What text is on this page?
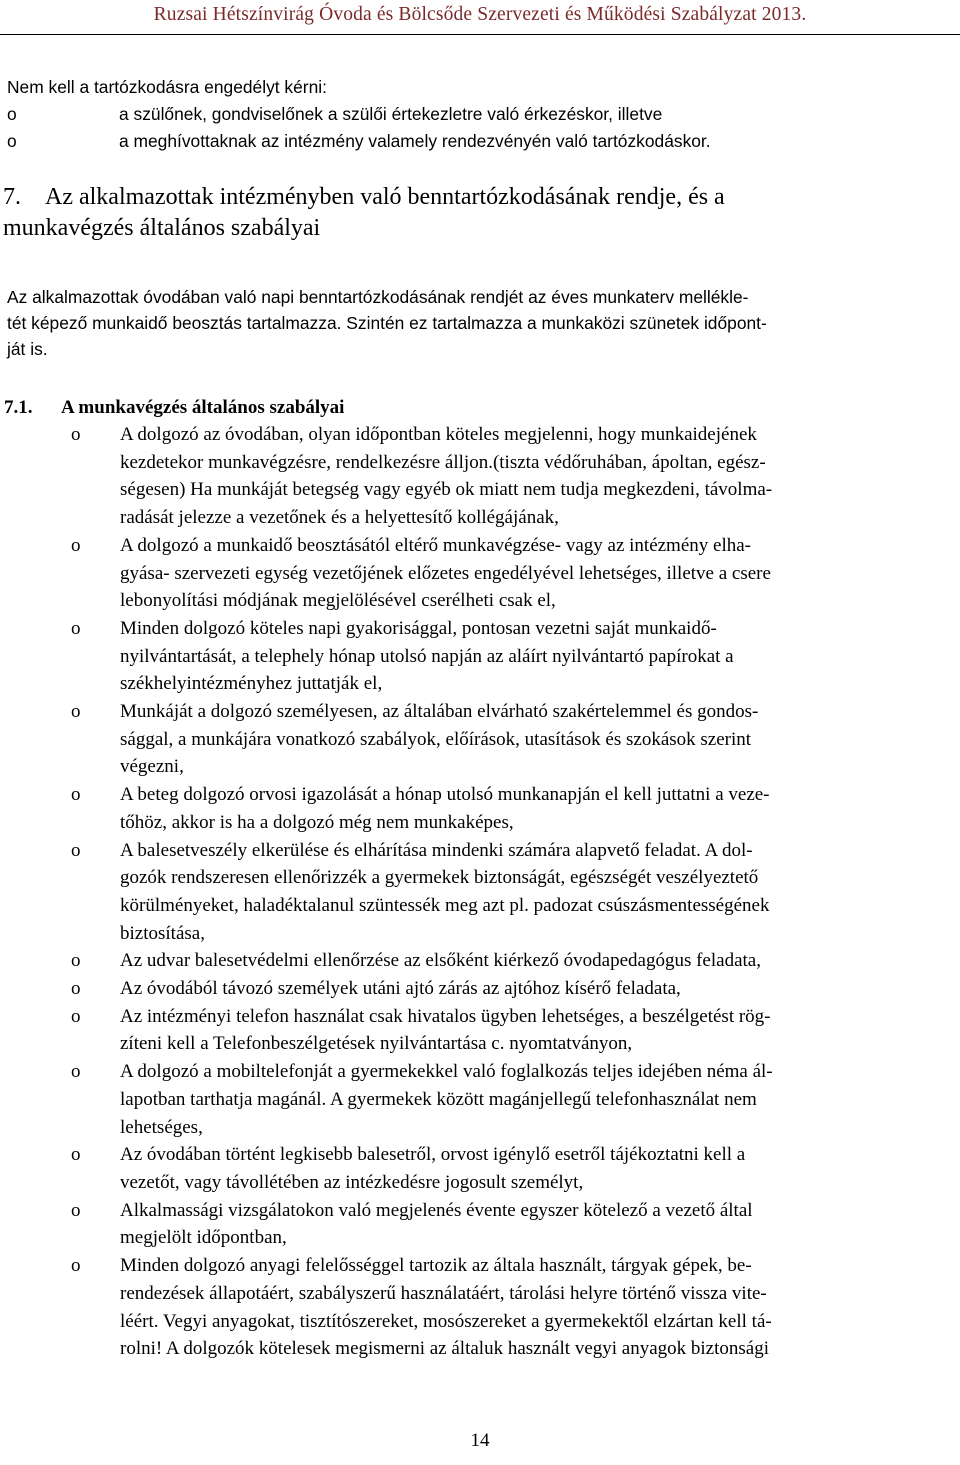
Ruzsai Hétszínvirág Óvoda és Bölcsőde Szervezeti és Működési Szabályzat 2013.
Nem kell a tartózkodásra engedélyt kérni:
o	a szülőnek, gondviselőnek a szülői értekezletre való érkezéskor, illetve
o	a meghívottaknak az intézmény valamely rendezvényén való tartózkodáskor.
7. Az alkalmazottak intézményben való benntartózkodásának rendje, és a
munkavégzés általános szabályai
Az alkalmazottak óvodában való napi benntartózkodásának rendjét az éves munkaterv mellékle-
tét képező munkaidő beosztás tartalmazza. Szintén ez tartalmazza a munkaközi szünetek időpont-
ját is.
7.1. A munkavégzés általános szabályai
o A dolgozó az óvodában, olyan időpontban köteles megjelenni, hogy munkaidejének
kezdetekor munkavégzésre, rendelkezésre álljon.(tiszta védőruhában, ápoltan, egész-
ségesen) Ha munkáját betegség vagy egyéb ok miatt nem tudja megkezdeni, távolma-
radását jelezze a vezetőnek és a helyettesítő kollégájának,
o A dolgozó a munkaidő beosztásától eltérő munkavégzése- vagy az intézmény elha-
gyása- szervezeti egység vezetőjének előzetes engedélyével lehetséges, illetve a csere
lebonyolítási módjának megjelölésével cserélheti csak el,
o Minden dolgozó köteles napi gyakorisággal, pontosan vezetni saját munkaidő-
nyilvántartását, a telephely hónap utolsó napján az aláírt nyilvántartó papírokat a
székhelyintézményhez juttatják el,
o Munkáját a dolgozó személyesen, az általában elvárható szakértelemmel és gondos-
sággal, a munkájára vonatkozó szabályok, előírások, utasítások és szokások szerint
végezni,
o A beteg dolgozó orvosi igazolását a hónap utolsó munkanapján el kell juttatni a veze-
tőhöz, akkor is ha a dolgozó még nem munkaképes,
o A balesetveszély elkerülése és elhárítása mindenki számára alapvető feladat. A dol-
gozók rendszeresen ellenőrizzék a gyermekek biztonságát, egészségét veszélyeztető
körülményeket, haladéktalanul szüntessék meg azt pl. padozat csúszásmentességének
biztosítása,
o Az udvar balesetvédelmi ellenőrzése az elsőként kiérkező óvodapedagógus feladata,
o Az óvodából távozó személyek utáni ajtó zárás az ajtóhoz kísérő feladata,
o Az intézményi telefon használat csak hivatalos ügyben lehetséges, a beszélgetést rög-
zíteni kell a Telefonbeszélgetések nyilvántartása c. nyomtatványon,
o A dolgozó a mobiltelefonját a gyermekekkel való foglalkozás teljes idejében néma ál-
lapotban tarthatja magánál. A gyermekek között magánjellegű telefonhasználat nem
lehetséges,
o Az óvodában történt legkisebb balesetről, orvost igénylő esetről tájékoztatni kell a
vezetőt, vagy távollétében az intézkedésre jogosult személyt,
o Alkalmassági vizsgálatokon való megjelenés évente egyszer kötelező a vezető által
megjelölt időpontban,
o Minden dolgozó anyagi felelősséggel tartozik az általa használt, tárgyak gépek, be-
rendezések állapotáért, szabályszerű használatáért, tárolási helyre történő vissza vite-
léért. Vegyi anyagokat, tisztítószereket, mosószereket a gyermekektől elzártan kell tá-
rolni! A dolgozók kötelesek megismerni az általuk használt vegyi anyagok biztonsági
14
